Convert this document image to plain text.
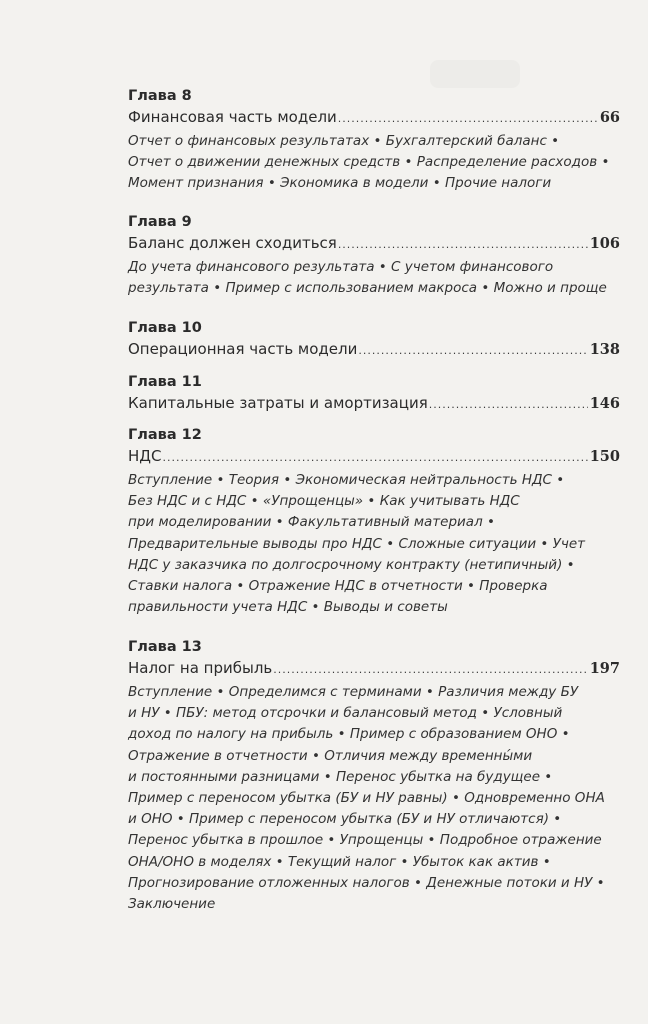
Глава 8
Финансовая часть модели .....	66
Отчет о финансовых результатах • Бухгалтерский баланс •
Отчет о движении денежных средств • Распределение расходов •
Момент признания • Экономика в модели • Прочие налоги
Глава 9
Баланс должен сходиться .....	106
До учета финансового результата • С учетом финансового
результата • Пример с использованием макроса • Можно и проще
Глава 10
Операционная часть модели .....	138
Глава 11
Капитальные затраты и амортизация .....	146
Глава 12
НДС .....	150
Вступление • Теория • Экономическая нейтральность НДС •
Без НДС и с НДС • «Упрощенцы» • Как учитывать НДС
при моделировании • Факультативный материал •
Предварительные выводы про НДС • Сложные ситуации • Учет
НДС у заказчика по долгосрочному контракту (нетипичный) •
Ставки налога • Отражение НДС в отчетности • Проверка
правильности учета НДС • Выводы и советы
Глава 13
Налог на прибыль .....	197
Вступление • Определимся с терминами • Различия между БУ
и НУ • ПБУ: метод отсрочки и балансовый метод • Условный
доход по налогу на прибыль • Пример с образованием ОНО •
Отражение в отчетности • Отличия между временны́ми
и постоянными разницами • Перенос убытка на будущее •
Пример с переносом убытка (БУ и НУ равны) • Одновременно ОНА
и ОНО • Пример с переносом убытка (БУ и НУ отличаются) •
Перенос убытка в прошлое • Упрощенцы • Подробное отражение
ОНА/ОНО в моделях • Текущий налог • Убыток как актив •
Прогнозирование отложенных налогов • Денежные потоки и НУ •
Заключение
